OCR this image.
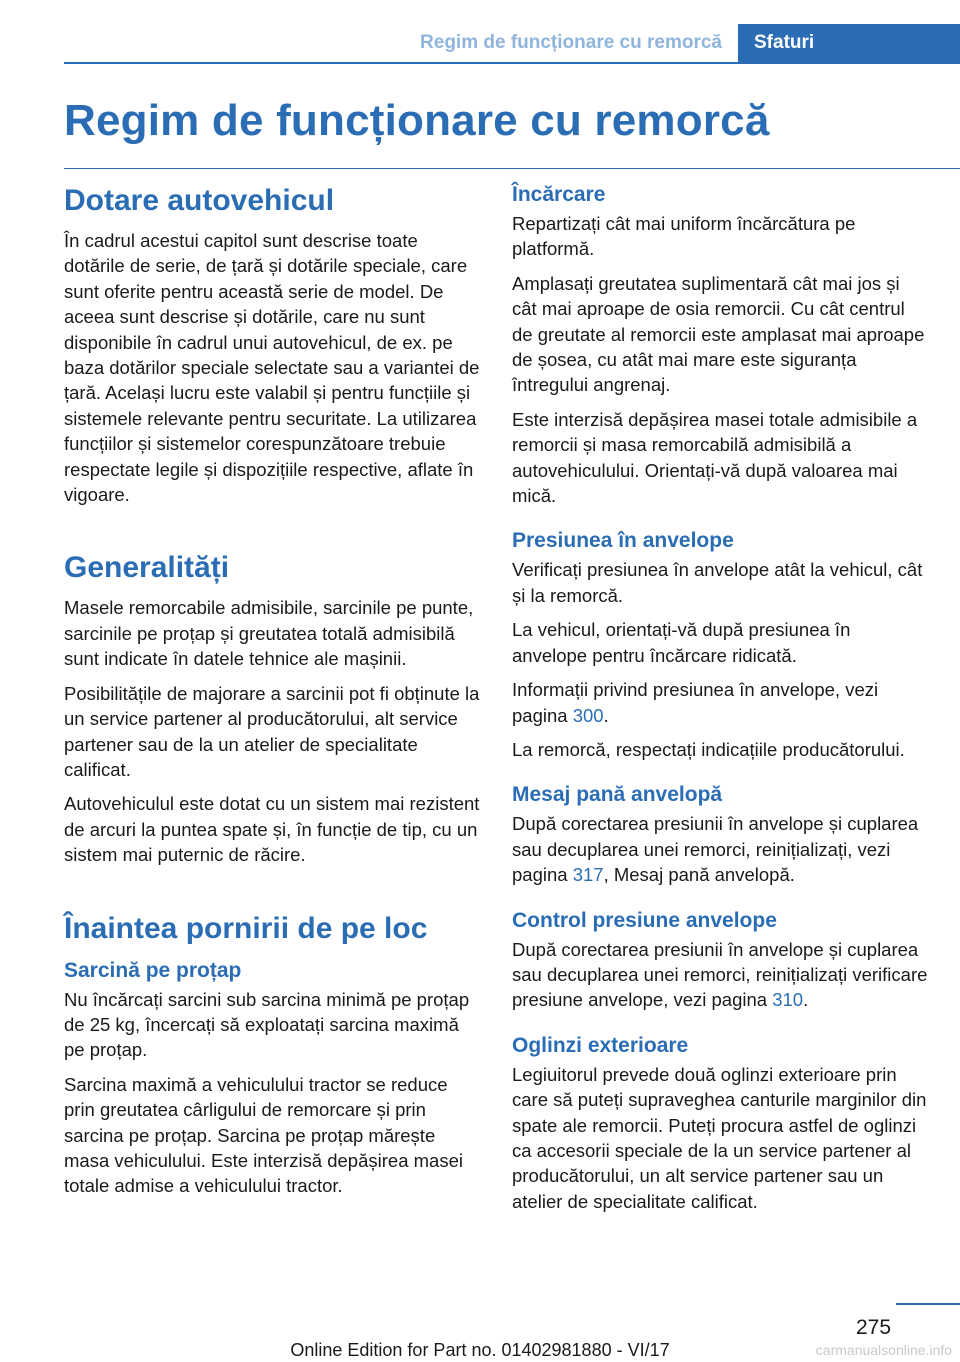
Regim de funcționare cu remorcă	Sfaturi
Regim de funcționare cu remorcă
Dotare autovehicul

În cadrul acestui capitol sunt descrise toate dotările de serie, de țară și dotările speciale, care sunt oferite pentru această serie de model. De aceea sunt descrise și dotările, care nu sunt disponibile în cadrul unui autovehicul, de ex. pe baza dotărilor speciale selectate sau a variantei de țară. Același lucru este valabil și pentru funcțiile și sistemele relevante pentru securitate. La utilizarea funcțiilor și sistemelor corespunzătoare trebuie respectate legile și dispozițiile respective, aflate în vigoare.

Generalități

Masele remorcabile admisibile, sarcinile pe punte, sarcinile pe proțap și greutatea totală admisibilă sunt indicate în datele tehnice ale mașinii.

Posibilitățile de majorare a sarcinii pot fi obținute la un service partener al producătorului, alt service partener sau de la un atelier de specialitate calificat.

Autovehiculul este dotat cu un sistem mai rezistent de arcuri la puntea spate și, în funcție de tip, cu un sistem mai puternic de răcire.

Înaintea pornirii de pe loc
Sarcină pe proțap

Nu încărcați sarcini sub sarcina minimă pe proțap de 25 kg, încercați să exploatați sarcina maximă pe proțap.

Sarcina maximă a vehiculului tractor se reduce prin greutatea cârligului de remorcare și prin sarcina pe proțap. Sarcina pe proțap mărește masa vehiculului. Este interzisă depășirea masei totale admise a vehiculului tractor.

Încărcare

Repartizați cât mai uniform încărcătura pe platformă.

Amplasați greutatea suplimentară cât mai jos și cât mai aproape de osia remorcii. Cu cât centrul de greutate al remorcii este amplasat mai aproape de șosea, cu atât mai mare este siguranța întregului angrenaj.

Este interzisă depășirea masei totale admisibile a remorcii și masa remorcabilă admisibilă a autovehiculului. Orientați-vă după valoarea mai mică.

Presiunea în anvelope

Verificați presiunea în anvelope atât la vehicul, cât și la remorcă.

La vehicul, orientați-vă după presiunea în anvelope pentru încărcare ridicată.

Informații privind presiunea în anvelope, vezi pagina 300.

La remorcă, respectați indicațiile producătorului.

Mesaj pană anvelopă

După corectarea presiunii în anvelope și cuplarea sau decuplarea unei remorci, reinițializați, vezi pagina 317, Mesaj pană anvelopă.

Control presiune anvelope

După corectarea presiunii în anvelope și cuplarea sau decuplarea unei remorci, reinițializați verificare presiune anvelope, vezi pagina 310.

Oglinzi exterioare

Legiuitorul prevede două oglinzi exterioare prin care să puteți supraveghea canturile marginilor din spate ale remorcii. Puteți procura astfel de oglinzi ca accesorii speciale de la un service partener al producătorului, un alt service partener sau un atelier de specialitate calificat.

275
Online Edition for Part no. 01402981880 - VI/17	carmanualsonline.info
